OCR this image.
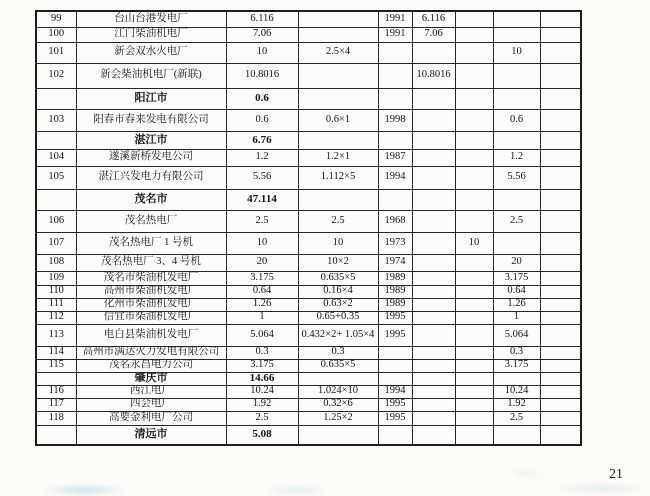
99	台山台港发电厂	6.116		1991	6.116			
100	江门柴油机电厂	7.06		1991	7.06			
101	新会双水火电厂	10	2.5×4				10	
102	新会柴油机电厂(新联)	10.8016			10.8016			
	阳江市	0.6						
103	阳春市春来发电有限公司	0.6	0.6×1	1998			0.6	
	湛江市	6.76						
104	遂溪新桥发电公司	1.2	1.2×1	1987			1.2	
105	湛江兴发电力有限公司	5.56	1.112×5	1994			5.56	
	茂名市	47.114						
106	茂名热电厂	2.5	2.5	1968			2.5	
107	茂名热电厂 1 号机	10	10	1973		10		
108	茂名热电厂 3、4 号机	20	10×2	1974			20	
109	茂名市柴油机发电厂	3.175	0.635×5	1989			3.175	
110	高州市柴油机发电厂	0.64	0.16×4	1989			0.64	
111	化州市柴油机发电厂	1.26	0.63×2	1989			1.26	
112	信宜市柴油机发电厂	1	0.65+0.35	1995			1	
113	电白县柴油机发电厂	5.064	0.432×2+ 1.05×4	1995			5.064	
114	高州市满达火力发电有限公司	0.3	0.3				0.3	
115	茂名永昌电力公司	3.175	0.635×5				3.175	
	肇庆市	14.66						
116	西江电厂	10.24	1.024×10	1994			10.24	
117	四会电厂	1.92	0.32×6	1995			1.92	
118	高要金利电厂公司	2.5	1.25×2	1995			2.5	
	清远市	5.08						
21
